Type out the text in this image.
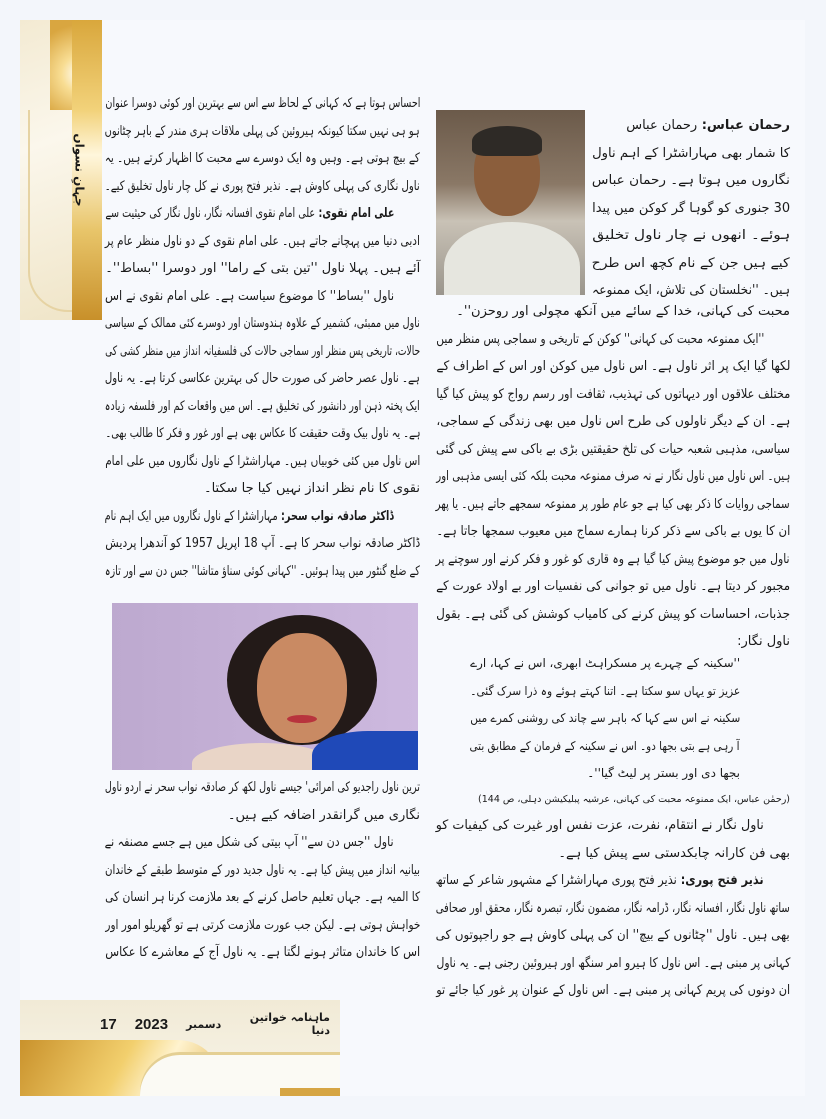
جہانِ نسواں
احساس ہوتا ہے کہ کہانی کے لحاظ سے اس سے بہترین اور کوئی دوسرا عنوان
ہو ہی نہیں سکتا کیونکہ ہیروئین کی پہلی ملاقات ہری مندر کے باہر چٹانوں
کے بیچ ہوتی ہے۔ وہیں وہ ایک دوسرے سے محبت کا اظہار کرتے ہیں۔ یہ
ناول نگاری کی پہلی کاوش ہے۔ نذیر فتح پوری نے کل چار ناول تخلیق کیے۔
علی امام نقوی: علی امام نقوی افسانہ نگار، ناول نگار کی حیثیت سے
ادبی دنیا میں پہچانے جاتے ہیں۔ علی امام نقوی کے دو ناول منظر عام پر
آئے ہیں۔ پہلا ناول ''تین بتی کے راما'' اور دوسرا ''بساط''۔
ناول ''بساط'' کا موضوع سیاست ہے۔ علی امام نقوی نے اس
ناول میں ممبئی، کشمیر کے علاوہ ہندوستان اور دوسرے کئی ممالک کے سیاسی
حالات، تاریخی پس منظر اور سماجی حالات کی فلسفیانہ انداز میں منظر کشی کی
ہے۔ ناول عصر حاضر کی صورت حال کی بہترین عکاسی کرتا ہے۔ یہ ناول
ایک پختہ ذہن اور دانشور کی تخلیق ہے۔ اس میں واقعات کم اور فلسفہ زیادہ
ہے۔ یہ ناول بیک وقت حقیقت کا عکاس بھی ہے اور غور و فکر کا طالب بھی۔
اس ناول میں کئی خوبیاں ہیں۔ مہاراشٹرا کے ناول نگاروں میں علی امام
نقوی کا نام نظر انداز نہیں کیا جا سکتا۔
ڈاکٹر صادقہ نواب سحر: مہاراشٹرا کے ناول نگاروں میں ایک اہم نام
ڈاکٹر صادقہ نواب سحر کا ہے۔ آپ 18 اپریل 1957 کو آندھرا پردیش
کے ضلع گنٹور میں پیدا ہوئیں۔ ''کہانی کوئی سناؤ متاشا'' جس دن سے اور تازہ
ترین ناول راجدیو کی امرائی' جیسے ناول لکھ کر صادقہ نواب سحر نے اردو ناول
نگاری میں گرانقدر اضافہ کیے ہیں۔
ناول ''جس دن سے'' آپ بیتی کی شکل میں ہے جسے مصنفہ نے
بیانیہ انداز میں پیش کیا ہے۔ یہ ناول جدید دور کے متوسط طبقے کے خاندان
کا المیہ ہے۔ جہاں تعلیم حاصل کرنے کے بعد ملازمت کرنا ہر انسان کی
خواہش ہوتی ہے۔ لیکن جب عورت ملازمت کرتی ہے تو گھریلو امور اور
اس کا خاندان متاثر ہونے لگتا ہے۔ یہ ناول آج کے معاشرے کا عکاس
رحمان عباس: رحمان عباس
کا شمار بھی مہاراشٹرا کے اہم ناول
نگاروں میں ہوتا ہے۔ رحمان عباس
30 جنوری کو گوہا گر کوکن میں پیدا
ہوئے۔ انھوں نے چار ناول تخلیق
کیے ہیں جن کے نام کچھ اس طرح
ہیں۔ ''نخلستان کی تلاش، ایک ممنوعہ
محبت کی کہانی، خدا کے سائے میں آنکھ مچولی اور روحزن''۔
''ایک ممنوعہ محبت کی کہانی'' کوکن کے تاریخی و سماجی پس منظر میں
لکھا گیا ایک پر اثر ناول ہے۔ اس ناول میں کوکن اور اس کے اطراف کے
مختلف علاقوں اور دیہاتوں کی تہذیب، ثقافت اور رسم رواج کو پیش کیا گیا
ہے۔ ان کے دیگر ناولوں کی طرح اس ناول میں بھی زندگی کے سماجی،
سیاسی، مذہبی شعبہ حیات کی تلخ حقیقتیں بڑی بے باکی سے پیش کی گئی
ہیں۔ اس ناول میں ناول نگار نے نہ صرف ممنوعہ محبت بلکہ کئی ایسی مذہبی اور
سماجی روایات کا ذکر بھی کیا ہے جو عام طور پر ممنوعہ سمجھے جاتے ہیں۔ یا پھر
ان کا یوں بے باکی سے ذکر کرنا ہمارے سماج میں معیوب سمجھا جاتا ہے۔
ناول میں جو موضوع پیش کیا گیا ہے وہ قاری کو غور و فکر کرنے اور سوچنے پر
مجبور کر دیتا ہے۔ ناول میں تو جوانی کی نفسیات اور بے اولاد عورت کے
جذبات، احساسات کو پیش کرنے کی کامیاب کوشش کی گئی ہے۔ بقول
ناول نگار:
''سکینہ کے چہرے پر مسکراہٹ ابھری، اس نے کہا، ارے
عزیز تو یہاں سو سکتا ہے۔ اتنا کہتے ہوئے وہ ذرا سرک گئی۔
سکینہ نے اس سے کہا کہ باہر سے چاند کی روشنی کمرے میں
آ رہی ہے بتی بجھا دو۔ اس نے سکینہ کے فرمان کے مطابق بتی
بجھا دی اور بستر پر لیٹ گیا''۔
(رحمٰن عباس، ایک ممنوعہ محبت کی کہانی، عرشیہ پبلیکیشن دہلی، ص 144)
ناول نگار نے انتقام، نفرت، عزت نفس اور غیرت کی کیفیات کو
بھی فن کارانہ چابکدستی سے پیش کیا ہے۔
نذیر فتح پوری: نذیر فتح پوری مہاراشٹرا کے مشہور شاعر کے ساتھ
ساتھ ناول نگار، افسانہ نگار، ڈرامہ نگار، مضمون نگار، تبصرہ نگار، محقق اور صحافی
بھی ہیں۔ ناول ''چٹانوں کے بیچ'' ان کی پہلی کاوش ہے جو راجپوتوں کی
کہانی پر مبنی ہے۔ اس ناول کا ہیرو امر سنگھ اور ہیروئین رجنی ہے۔ یہ ناول
ان دونوں کی پریم کہانی پر مبنی ہے۔ اس ناول کے عنوان پر غور کیا جائے تو
17 2023 دسمبر	ماہنامہ خواتین دنیا
